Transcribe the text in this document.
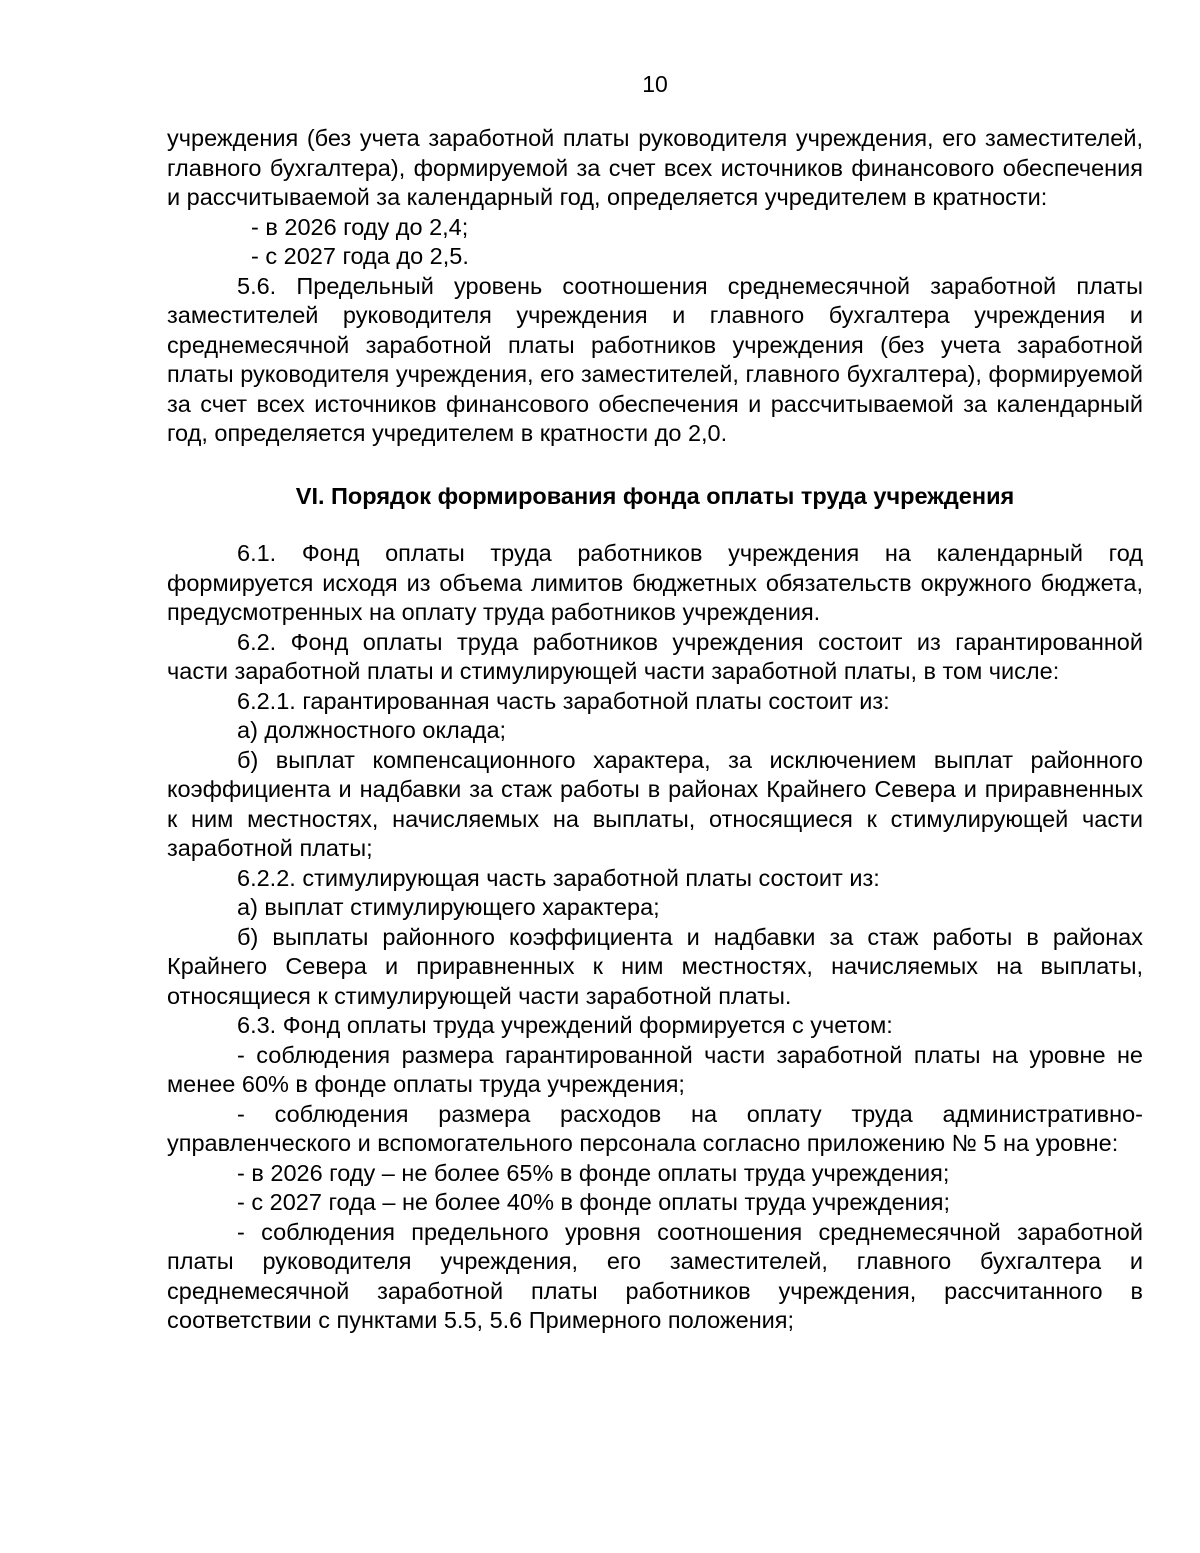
10

учреждения (без учета заработной платы руководителя учреждения, его заместителей, главного бухгалтера), формируемой за счет всех источников финансового обеспечения и рассчитываемой за календарный год, определяется учредителем в кратности:

- в 2026 году до 2,4;

- с 2027 года до 2,5.

5.6. Предельный уровень соотношения среднемесячной заработной платы заместителей руководителя учреждения и главного бухгалтера учреждения и среднемесячной заработной платы работников учреждения (без учета заработной платы руководителя учреждения, его заместителей, главного бухгалтера), формируемой за счет всех источников финансового обеспечения и рассчитываемой за календарный год, определяется учредителем в кратности до 2,0.

VI. Порядок формирования фонда оплаты труда учреждения

6.1. Фонд оплаты труда работников учреждения на календарный год формируется исходя из объема лимитов бюджетных обязательств окружного бюджета, предусмотренных на оплату труда работников учреждения.

6.2. Фонд оплаты труда работников учреждения состоит из гарантированной части заработной платы и стимулирующей части заработной платы, в том числе:

6.2.1. гарантированная часть заработной платы состоит из:

а) должностного оклада;

б) выплат компенсационного характера, за исключением выплат районного коэффициента и надбавки за стаж работы в районах Крайнего Севера и приравненных к ним местностях, начисляемых на выплаты, относящиеся к стимулирующей части заработной платы;

6.2.2. стимулирующая часть заработной платы состоит из:

а) выплат стимулирующего характера;

б) выплаты районного коэффициента и надбавки за стаж работы в районах Крайнего Севера и приравненных к ним местностях, начисляемых на выплаты, относящиеся к стимулирующей части заработной платы.

6.3. Фонд оплаты труда учреждений формируется с учетом:

- соблюдения размера гарантированной части заработной платы на уровне не менее 60% в фонде оплаты труда учреждения;

- соблюдения размера расходов на оплату труда административно-управленческого и вспомогательного персонала согласно приложению № 5 на уровне:

- в 2026 году – не более 65% в фонде оплаты труда учреждения;

- с 2027 года – не более 40% в фонде оплаты труда учреждения;

- соблюдения предельного уровня соотношения среднемесячной заработной платы руководителя учреждения, его заместителей, главного бухгалтера и среднемесячной заработной платы работников учреждения, рассчитанного в соответствии с пунктами 5.5, 5.6 Примерного положения;
